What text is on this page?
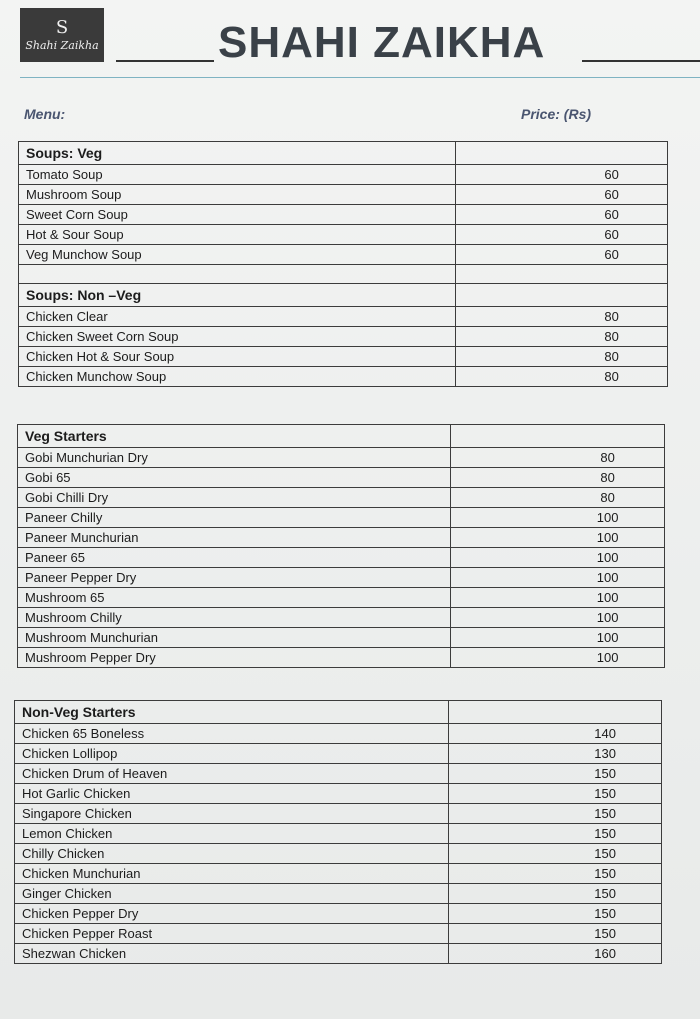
S
Shahi Zaikha	SHAHI ZAIKHA
Menu:	Price: (Rs)
Soups: Veg	
Tomato Soup	60
Mushroom Soup	60
Sweet Corn Soup	60
Hot & Sour Soup	60
Veg Munchow Soup	60

Soups: Non –Veg	
Chicken Clear	80
Chicken Sweet Corn Soup	80
Chicken Hot & Sour Soup	80
Chicken Munchow Soup	80
Veg Starters	
Gobi Munchurian Dry	80
Gobi 65	80
Gobi Chilli Dry	80
Paneer Chilly	100
Paneer Munchurian	100
Paneer 65	100
Paneer Pepper Dry	100
Mushroom 65	100
Mushroom Chilly	100
Mushroom Munchurian	100
Mushroom Pepper Dry	100
Non-Veg Starters	
Chicken 65 Boneless	140
Chicken Lollipop	130
Chicken Drum of Heaven	150
Hot Garlic Chicken	150
Singapore Chicken	150
Lemon Chicken	150
Chilly Chicken	150
Chicken Munchurian	150
Ginger Chicken	150
Chicken Pepper Dry	150
Chicken Pepper Roast	150
Shezwan Chicken	160
